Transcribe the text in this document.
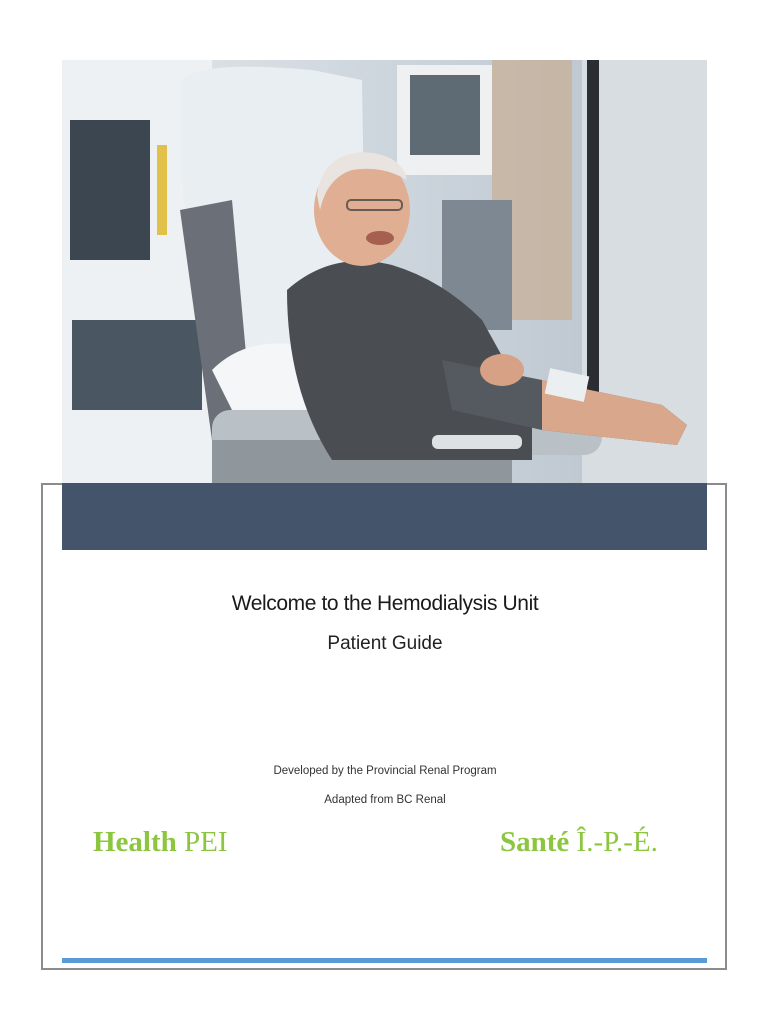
Welcome to the Hemodialysis Unit
Patient Guide
Developed by the Provincial Renal Program
Adapted from BC Renal
Health PEI	Santé Î.-P.-É.
